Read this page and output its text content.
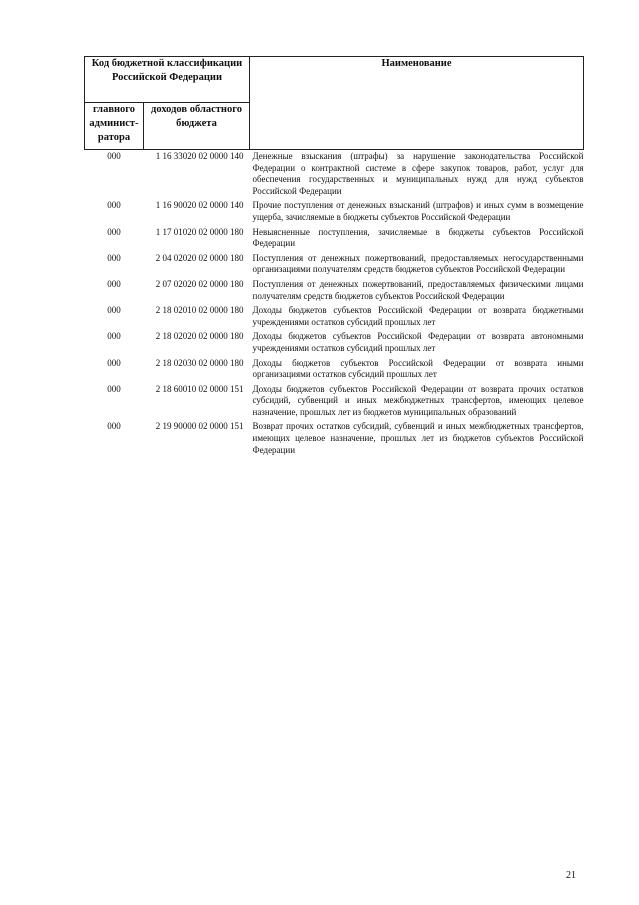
Код бюджетной классификации Российской Федерации		Наименование
главного админист-ратора	доходов областного бюджета	
000	1 16 33020 02 0000 140	Денежные взыскания (штрафы) за нарушение законодательства Российской Федерации о контрактной системе в сфере закупок товаров, работ, услуг для обеспечения государственных и муниципальных нужд для нужд субъектов Российской Федерации
000	1 16 90020 02 0000 140	Прочие поступления от денежных взысканий (штрафов) и иных сумм в возмещение ущерба, зачисляемые в бюджеты субъектов Российской Федерации
000	1 17 01020 02 0000 180	Невыясненные поступления, зачисляемые в бюджеты субъектов Российской Федерации
000	2 04 02020 02 0000 180	Поступления от денежных пожертвований, предоставляемых негосударственными организациями получателям средств бюджетов субъектов Российской Федерации
000	2 07 02020 02 0000 180	Поступления от денежных пожертвований, предоставляемых физическими лицами получателям средств бюджетов субъектов Российской Федерации
000	2 18 02010 02 0000 180	Доходы бюджетов субъектов Российской Федерации от возврата бюджетными учреждениями остатков субсидий прошлых лет
000	2 18 02020 02 0000 180	Доходы бюджетов субъектов Российской Федерации от возврата автономными учреждениями остатков субсидий прошлых лет
000	2 18 02030 02 0000 180	Доходы бюджетов субъектов Российской Федерации от возврата иными организациями остатков субсидий прошлых лет
000	2 18 60010 02 0000 151	Доходы бюджетов субъектов Российской Федерации от возврата прочих остатков субсидий, субвенций и иных межбюджетных трансфертов, имеющих целевое назначение, прошлых лет из бюджетов муниципальных образований
000	2 19 90000 02 0000 151	Возврат прочих остатков субсидий, субвенций и иных межбюджетных трансфертов, имеющих целевое назначение, прошлых лет из бюджетов субъектов Российской Федерации
21
